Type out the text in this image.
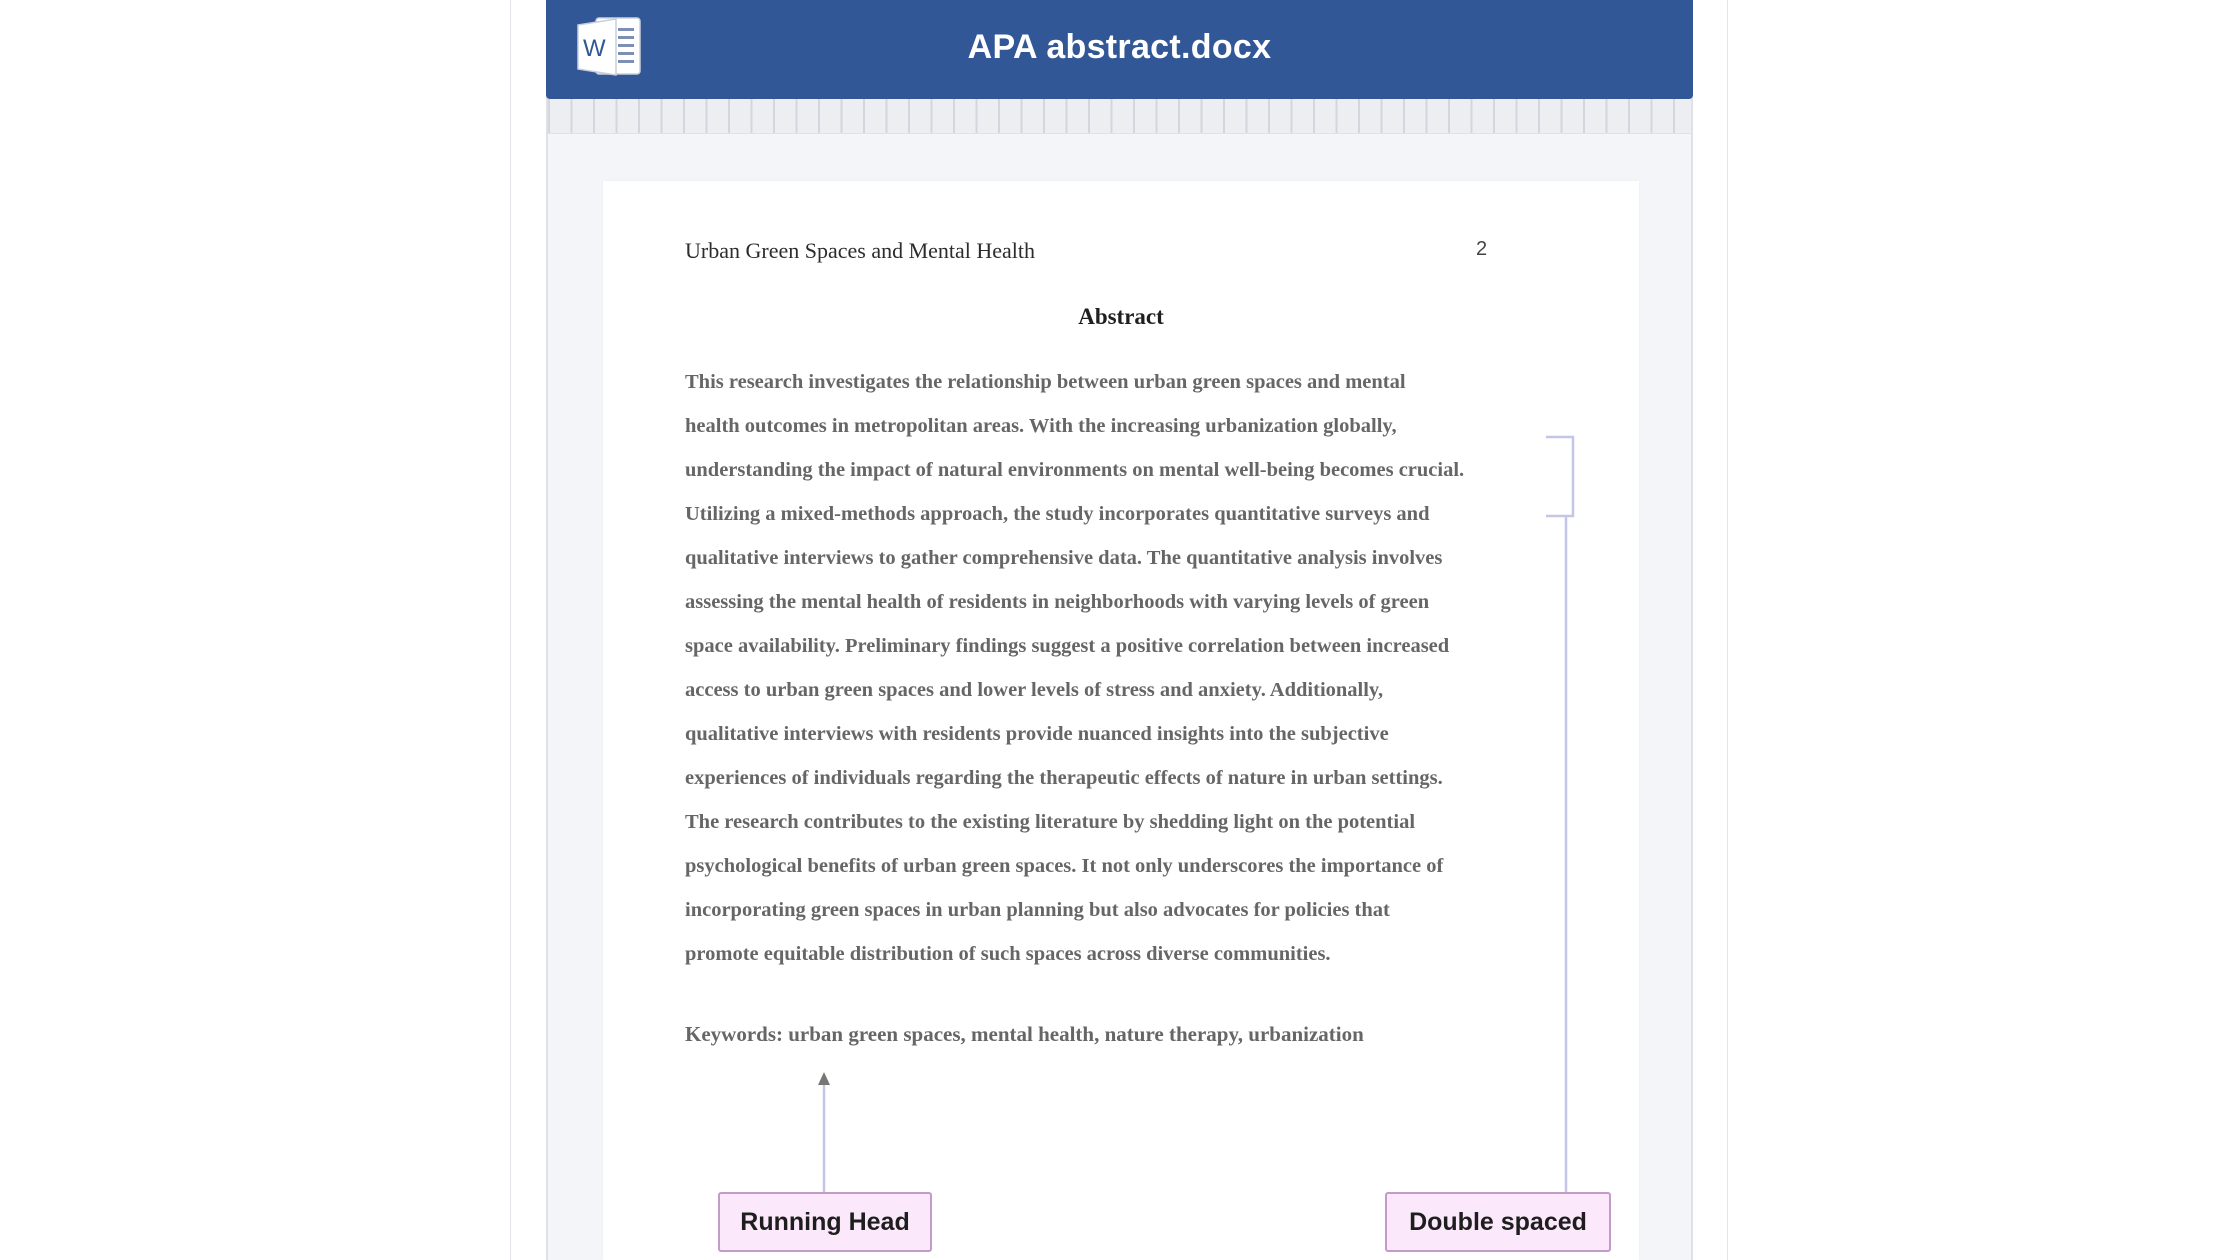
W	APA abstract.docx
Urban Green Spaces and Mental Health	2
Abstract
This research investigates the relationship between urban green spaces and mental
health outcomes in metropolitan areas. With the increasing urbanization globally,
understanding the impact of natural environments on mental well-being becomes crucial.
Utilizing a mixed-methods approach, the study incorporates quantitative surveys and
qualitative interviews to gather comprehensive data. The quantitative analysis involves
assessing the mental health of residents in neighborhoods with varying levels of green
space availability. Preliminary findings suggest a positive correlation between increased
access to urban green spaces and lower levels of stress and anxiety. Additionally,
qualitative interviews with residents provide nuanced insights into the subjective
experiences of individuals regarding the therapeutic effects of nature in urban settings.
The research contributes to the existing literature by shedding light on the potential
psychological benefits of urban green spaces. It not only underscores the importance of
incorporating green spaces in urban planning but also advocates for policies that
promote equitable distribution of such spaces across diverse communities.
Keywords: urban green spaces, mental health, nature therapy, urbanization
Running Head	Double spaced
